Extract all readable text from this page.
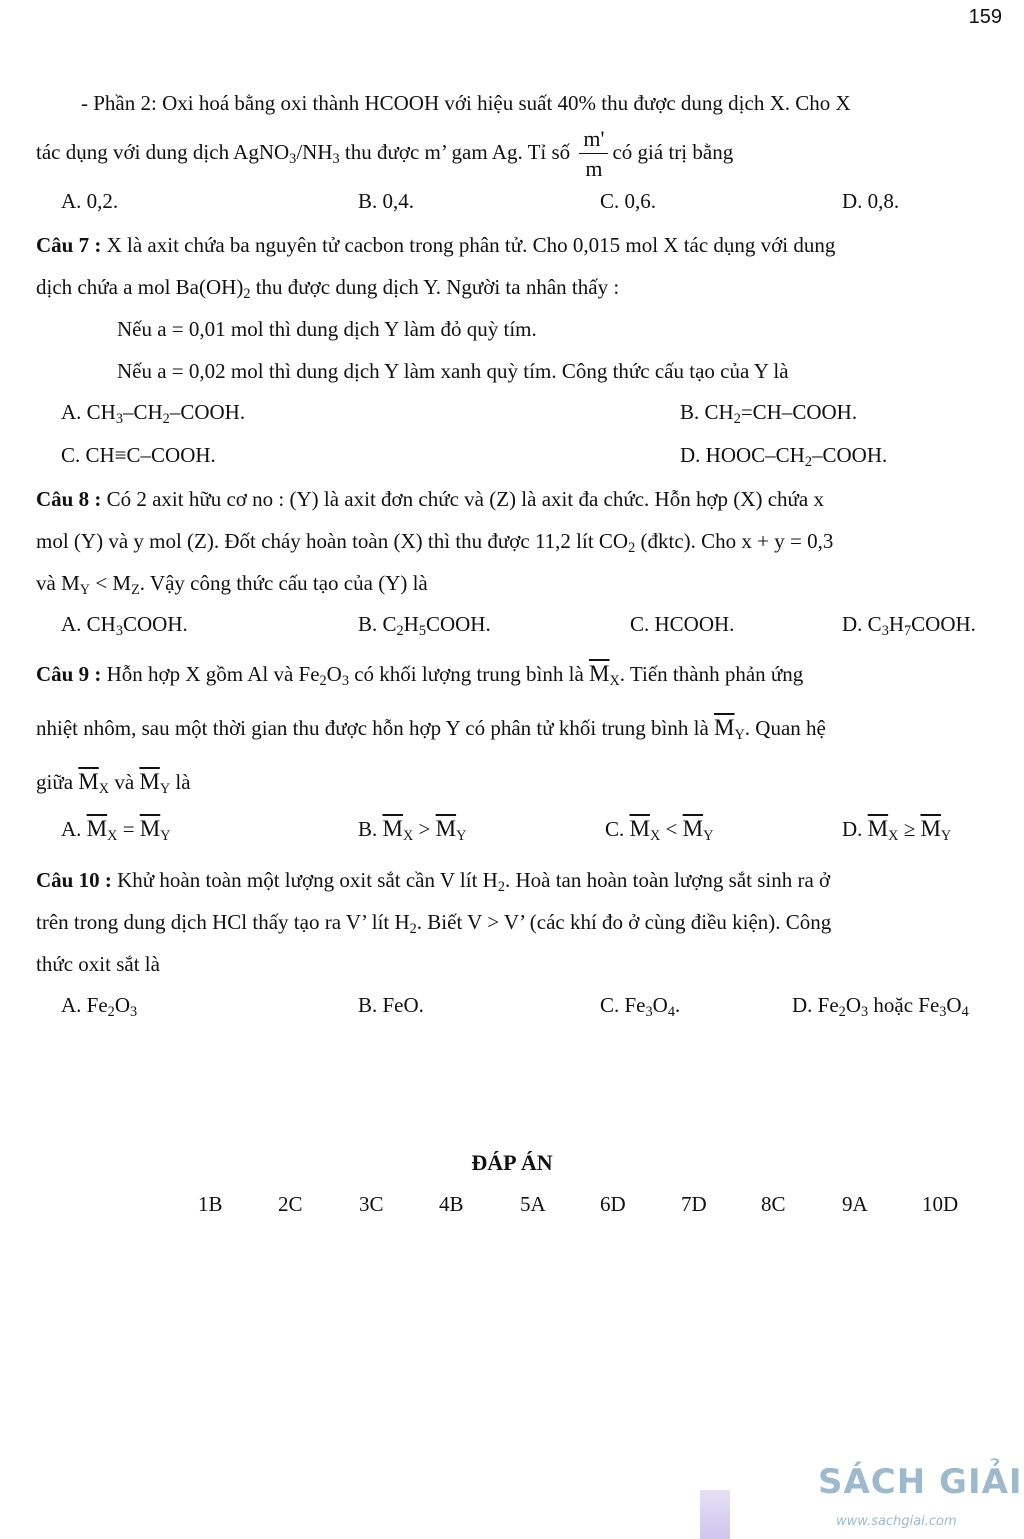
159

- Phần 2: Oxi hoá bằng oxi thành HCOOH với hiệu suất 40% thu được dung dịch X. Cho X

tác dụng với dung dịch $AgNO_3/NH_3$ thu được m’ gam Ag. Tỉ số $\frac{m'}{m}$ có giá trị bằng

A. 0,2.	B. 0,4.	C. 0,6.	D. 0,8.

Câu 7 : X là axit chứa ba nguyên tử cacbon trong phân tử. Cho 0,015 mol X tác dụng với dung

dịch chứa a mol $Ba(OH)_2$ thu được dung dịch Y. Người ta nhân thấy :

Nếu a = 0,01 mol thì dung dịch Y làm đỏ quỳ tím.

Nếu a = 0,02 mol thì dung dịch Y làm xanh quỳ tím. Công thức cấu tạo của Y là

A. $CH_3-CH_2$–COOH.	B. $CH_2=CH$–COOH.
C. CH≡C–COOH.	D. HOOC–$CH_2$–COOH.

Câu 8 : Có 2 axit hữu cơ no : (Y) là axit đơn chức và (Z) là axit đa chức. Hỗn hợp (X) chứa x

mol (Y) và y mol (Z). Đốt cháy hoàn toàn (X) thì thu được 11,2 lít $CO_2$ (đktc). Cho x + y = 0,3

và $M_Y < M_Z$. Vậy công thức cấu tạo của (Y) là

A. $CH_3COOH$.	B. $C_2H_5COOH$.	C. HCOOH.	D. $C_3H_7COOH$.

Câu 9 : Hỗn hợp X gồm Al và $Fe_2O_3$ có khối lượng trung bình là $\overline{M}_X$. Tiến thành phản ứng

nhiệt nhôm, sau một thời gian thu được hỗn hợp Y có phân tử khối trung bình là $\overline{M}_Y$. Quan hệ

giữa $\overline{M}_X$ và $\overline{M}_Y$ là

A. $\overline{M}_X = \overline{M}_Y$	B. $\overline{M}_X > \overline{M}_Y$	C. $\overline{M}_X < \overline{M}_Y$	D. $\overline{M}_X \ge \overline{M}_Y$

Câu 10 : Khử hoàn toàn một lượng oxit sắt cần V lít $H_2$. Hoà tan hoàn toàn lượng sắt sinh ra ở

trên trong dung dịch HCl thấy tạo ra V’ lít $H_2$. Biết V > V’ (các khí đo ở cùng điều kiện). Công

thức oxit sắt là

A. $Fe_2O_3$	B. FeO.	C. $Fe_3O_4$.	D. $Fe_2O_3$ hoặc $Fe_3O_4$
ĐÁP ÁN
1B	2C	3C	4B	5A	6D	7D	8C	9A	10D
SÁCH GIẢI
www.sachgiai.com
